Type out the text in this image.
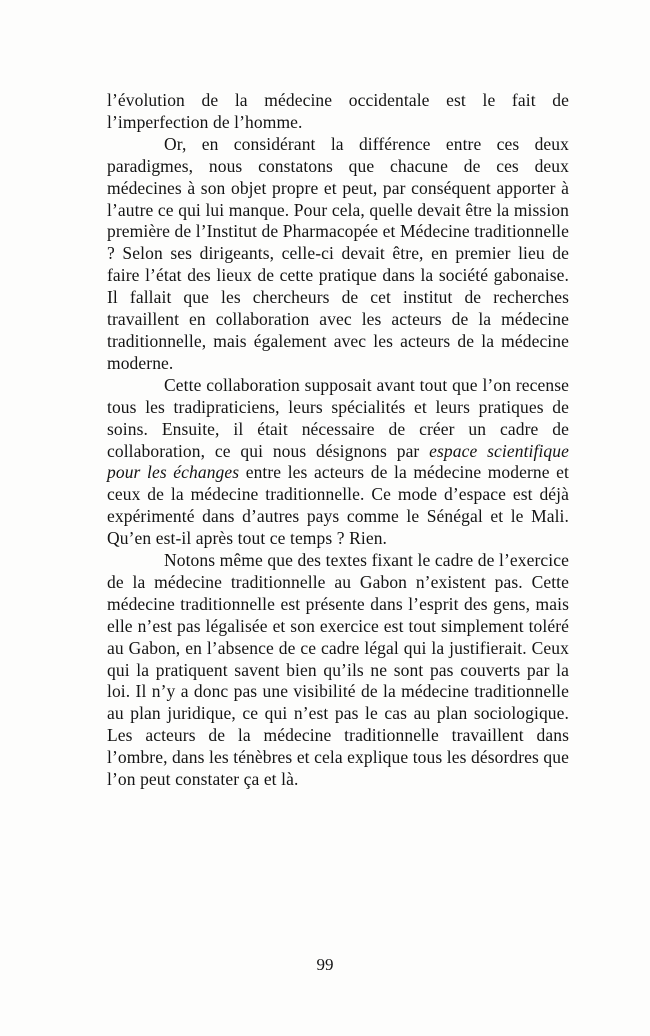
l’évolution de la médecine occidentale est le fait de l’imperfection de l’homme.

Or, en considérant la différence entre ces deux paradigmes, nous constatons que chacune de ces deux médecines à son objet propre et peut, par conséquent apporter à l’autre ce qui lui manque. Pour cela, quelle devait être la mission première de l’Institut de Pharmacopée et Médecine traditionnelle ? Selon ses dirigeants, celle-ci devait être, en premier lieu de faire l’état des lieux de cette pratique dans la société gabonaise. Il fallait que les chercheurs de cet institut de recherches travaillent en collaboration avec les acteurs de la médecine traditionnelle, mais également avec les acteurs de la médecine moderne.

Cette collaboration supposait avant tout que l’on recense tous les tradipraticiens, leurs spécialités et leurs pratiques de soins. Ensuite, il était nécessaire de créer un cadre de collaboration, ce qui nous désignons par espace scientifique pour les échanges entre les acteurs de la médecine moderne et ceux de la médecine traditionnelle. Ce mode d’espace est déjà expérimenté dans d’autres pays comme le Sénégal et le Mali. Qu’en est-il après tout ce temps ? Rien.

Notons même que des textes fixant le cadre de l’exercice de la médecine traditionnelle au Gabon n’existent pas. Cette médecine traditionnelle est présente dans l’esprit des gens, mais elle n’est pas légalisée et son exercice est tout simplement toléré au Gabon, en l’absence de ce cadre légal qui la justifierait. Ceux qui la pratiquent savent bien qu’ils ne sont pas couverts par la loi. Il n’y a donc pas une visibilité de la médecine traditionnelle au plan juridique, ce qui n’est pas le cas au plan sociologique. Les acteurs de la médecine traditionnelle travaillent dans l’ombre, dans les ténèbres et cela explique tous les désordres que l’on peut constater ça et là.

99
